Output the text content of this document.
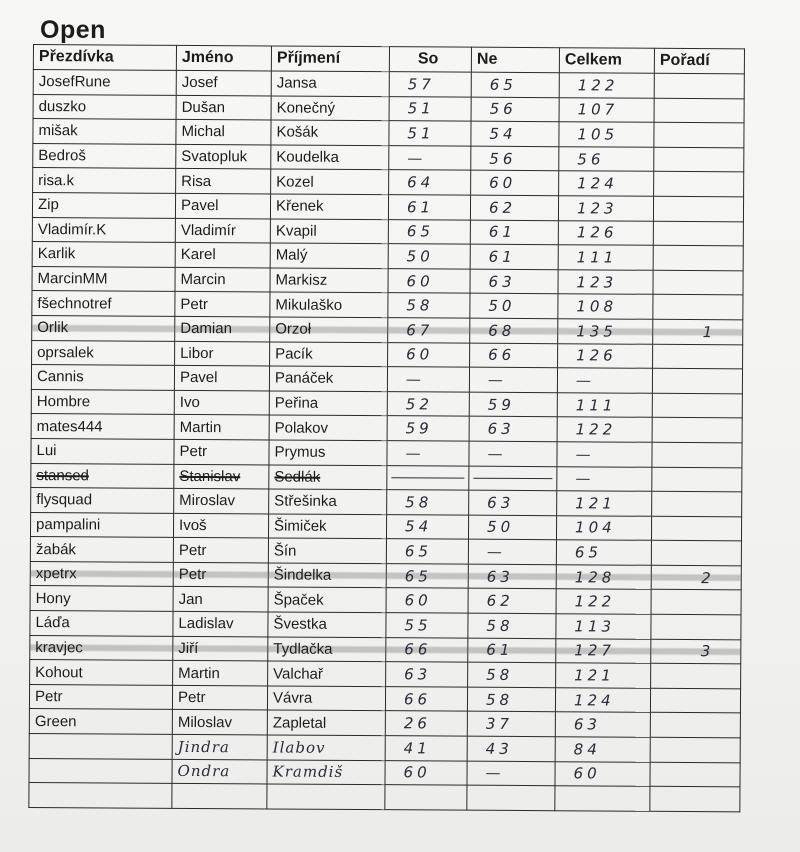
Open
Přezdívka	Jméno	Příjmení	So	Ne	Celkem	Pořadí
JosefRune	Josef	Jansa	57	65	122	
duszko	Dušan	Konečný	51	56	107	
mišak	Michal	Košák	51	54	105	
Bedroš	Svatopluk	Koudelka	—	56	56	
risa.k	Risa	Kozel	64	60	124	
Zip	Pavel	Křenek	61	62	123	
Vladimír.K	Vladimír	Kvapil	65	61	126	
Karlik	Karel	Malý	50	61	111	
MarcinMM	Marcin	Markisz	60	63	123	
fšechnotref	Petr	Mikulaško	58	50	108	
Orlik	Damian	Orzoł	67	68	135	1
oprsalek	Libor	Pacík	60	66	126	
Cannis	Pavel	Panáček	—	—	—	
Hombre	Ivo	Peřina	52	59	111	
mates444	Martin	Polakov	59	63	122	
Lui	Petr	Prymus	—	—	—	
stansed	Stanislav	Sedlák			—	
flysquad	Miroslav	Střešinka	58	63	121	
pampalini	Ivoš	Šimiček	54	50	104	
žabák	Petr	Šín	65	—	65	
xpetrx	Petr	Šindelka	65	63	128	2
Hony	Jan	Špaček	60	62	122	
Láďa	Ladislav	Švestka	55	58	113	
kravjec	Jiří	Tydlačka	66	61	127	3
Kohout	Martin	Valchař	63	58	121	
Petr	Petr	Vávra	66	58	124	
Green	Miloslav	Zapletal	26	37	63	
	Jindra	Ilabov	41	43	84	
	Ondra	Kramdiš	60	—	60	
